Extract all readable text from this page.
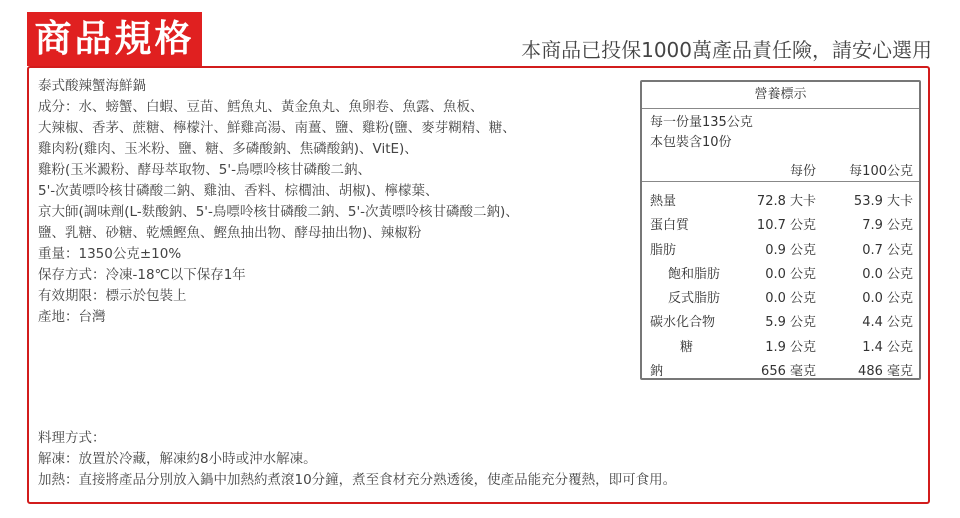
商品規格	本商品已投保1000萬產品責任險，請安心選用
泰式酸辣蟹海鮮鍋
成分：水、螃蟹、白蝦、豆苗、鱈魚丸、黃金魚丸、魚卵卷、魚露、魚板、
大辣椒、香茅、蔗糖、檸檬汁、鮮雞高湯、南薑、鹽、雞粉(鹽、麥芽糊精、糖、
雞肉粉(雞肉、玉米粉、鹽、糖、多磷酸鈉、焦磷酸鈉)、VitE)、
雞粉(玉米澱粉、酵母萃取物、5'-鳥嘌呤核甘磷酸二鈉、
5'-次黃嘌呤核甘磷酸二鈉、雞油、香料、棕櫚油、胡椒)、檸檬葉、
京大師(調味劑(L-麩酸鈉、5'-鳥嘌呤核甘磷酸二鈉、5'-次黃嘌呤核甘磷酸二鈉)、
鹽、乳糖、砂糖、乾燻鰹魚、鰹魚抽出物、酵母抽出物)、辣椒粉
重量：1350公克±10%
保存方式：冷凍-18℃以下保存1年
有效期限：標示於包裝上
產地：台灣
營養標示
每一份量135公克
本包裝含10份
每份	每100公克
熱量	72.8 大卡	53.9 大卡
蛋白質	10.7 公克	7.9 公克
脂肪	0.9 公克	0.7 公克
飽和脂肪	0.0 公克	0.0 公克
反式脂肪	0.0 公克	0.0 公克
碳水化合物	5.9 公克	4.4 公克
糖	1.9 公克	1.4 公克
鈉	656 毫克	486 毫克
料理方式：
解凍：放置於冷藏，解凍約8小時或沖水解凍。
加熱：直接將產品分別放入鍋中加熱約煮滾10分鐘，煮至食材充分熟透後，使產品能充分覆熱，即可食用。
